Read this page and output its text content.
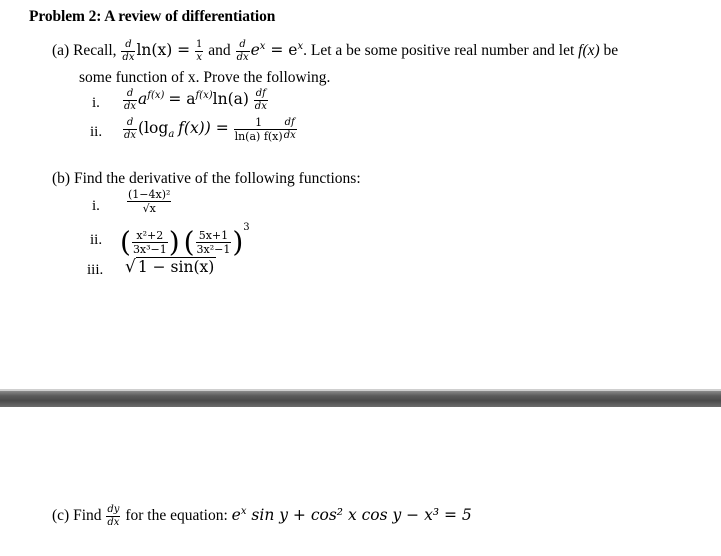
Problem 2: A review of differentiation
(a) Recall, $\frac{d}{dx} \ln(x) = \frac{1}{x}$ and $\frac{d}{dx} e^x = e^x$. Let a be some positive real number and let f(x) be
some function of x. Prove the following.
i. $\frac{d}{dx} a^{f(x)} = a^{f(x)}\ln(a) \frac{df}{dx}$
ii. $\frac{d}{dx} (\log_a$ $f(x)) = \frac{1}{\ln(a) f(x)} \frac{df}{dx}$
(b) Find the derivative of the following functions:
i. $\frac{\text{(1−4x)²}}{√x}$
ii. ( $\frac{\text{x²+2}}{\text{3x³−1}}$ ) ( $\frac{5x+1}{\text{3x²−1}} )^3$
iii. √ 1 − sin(x)
(c) Find $\frac{dy}{dx}$ for the equation: $e^x$ sin y + cos² x cos y − x³ = 5
